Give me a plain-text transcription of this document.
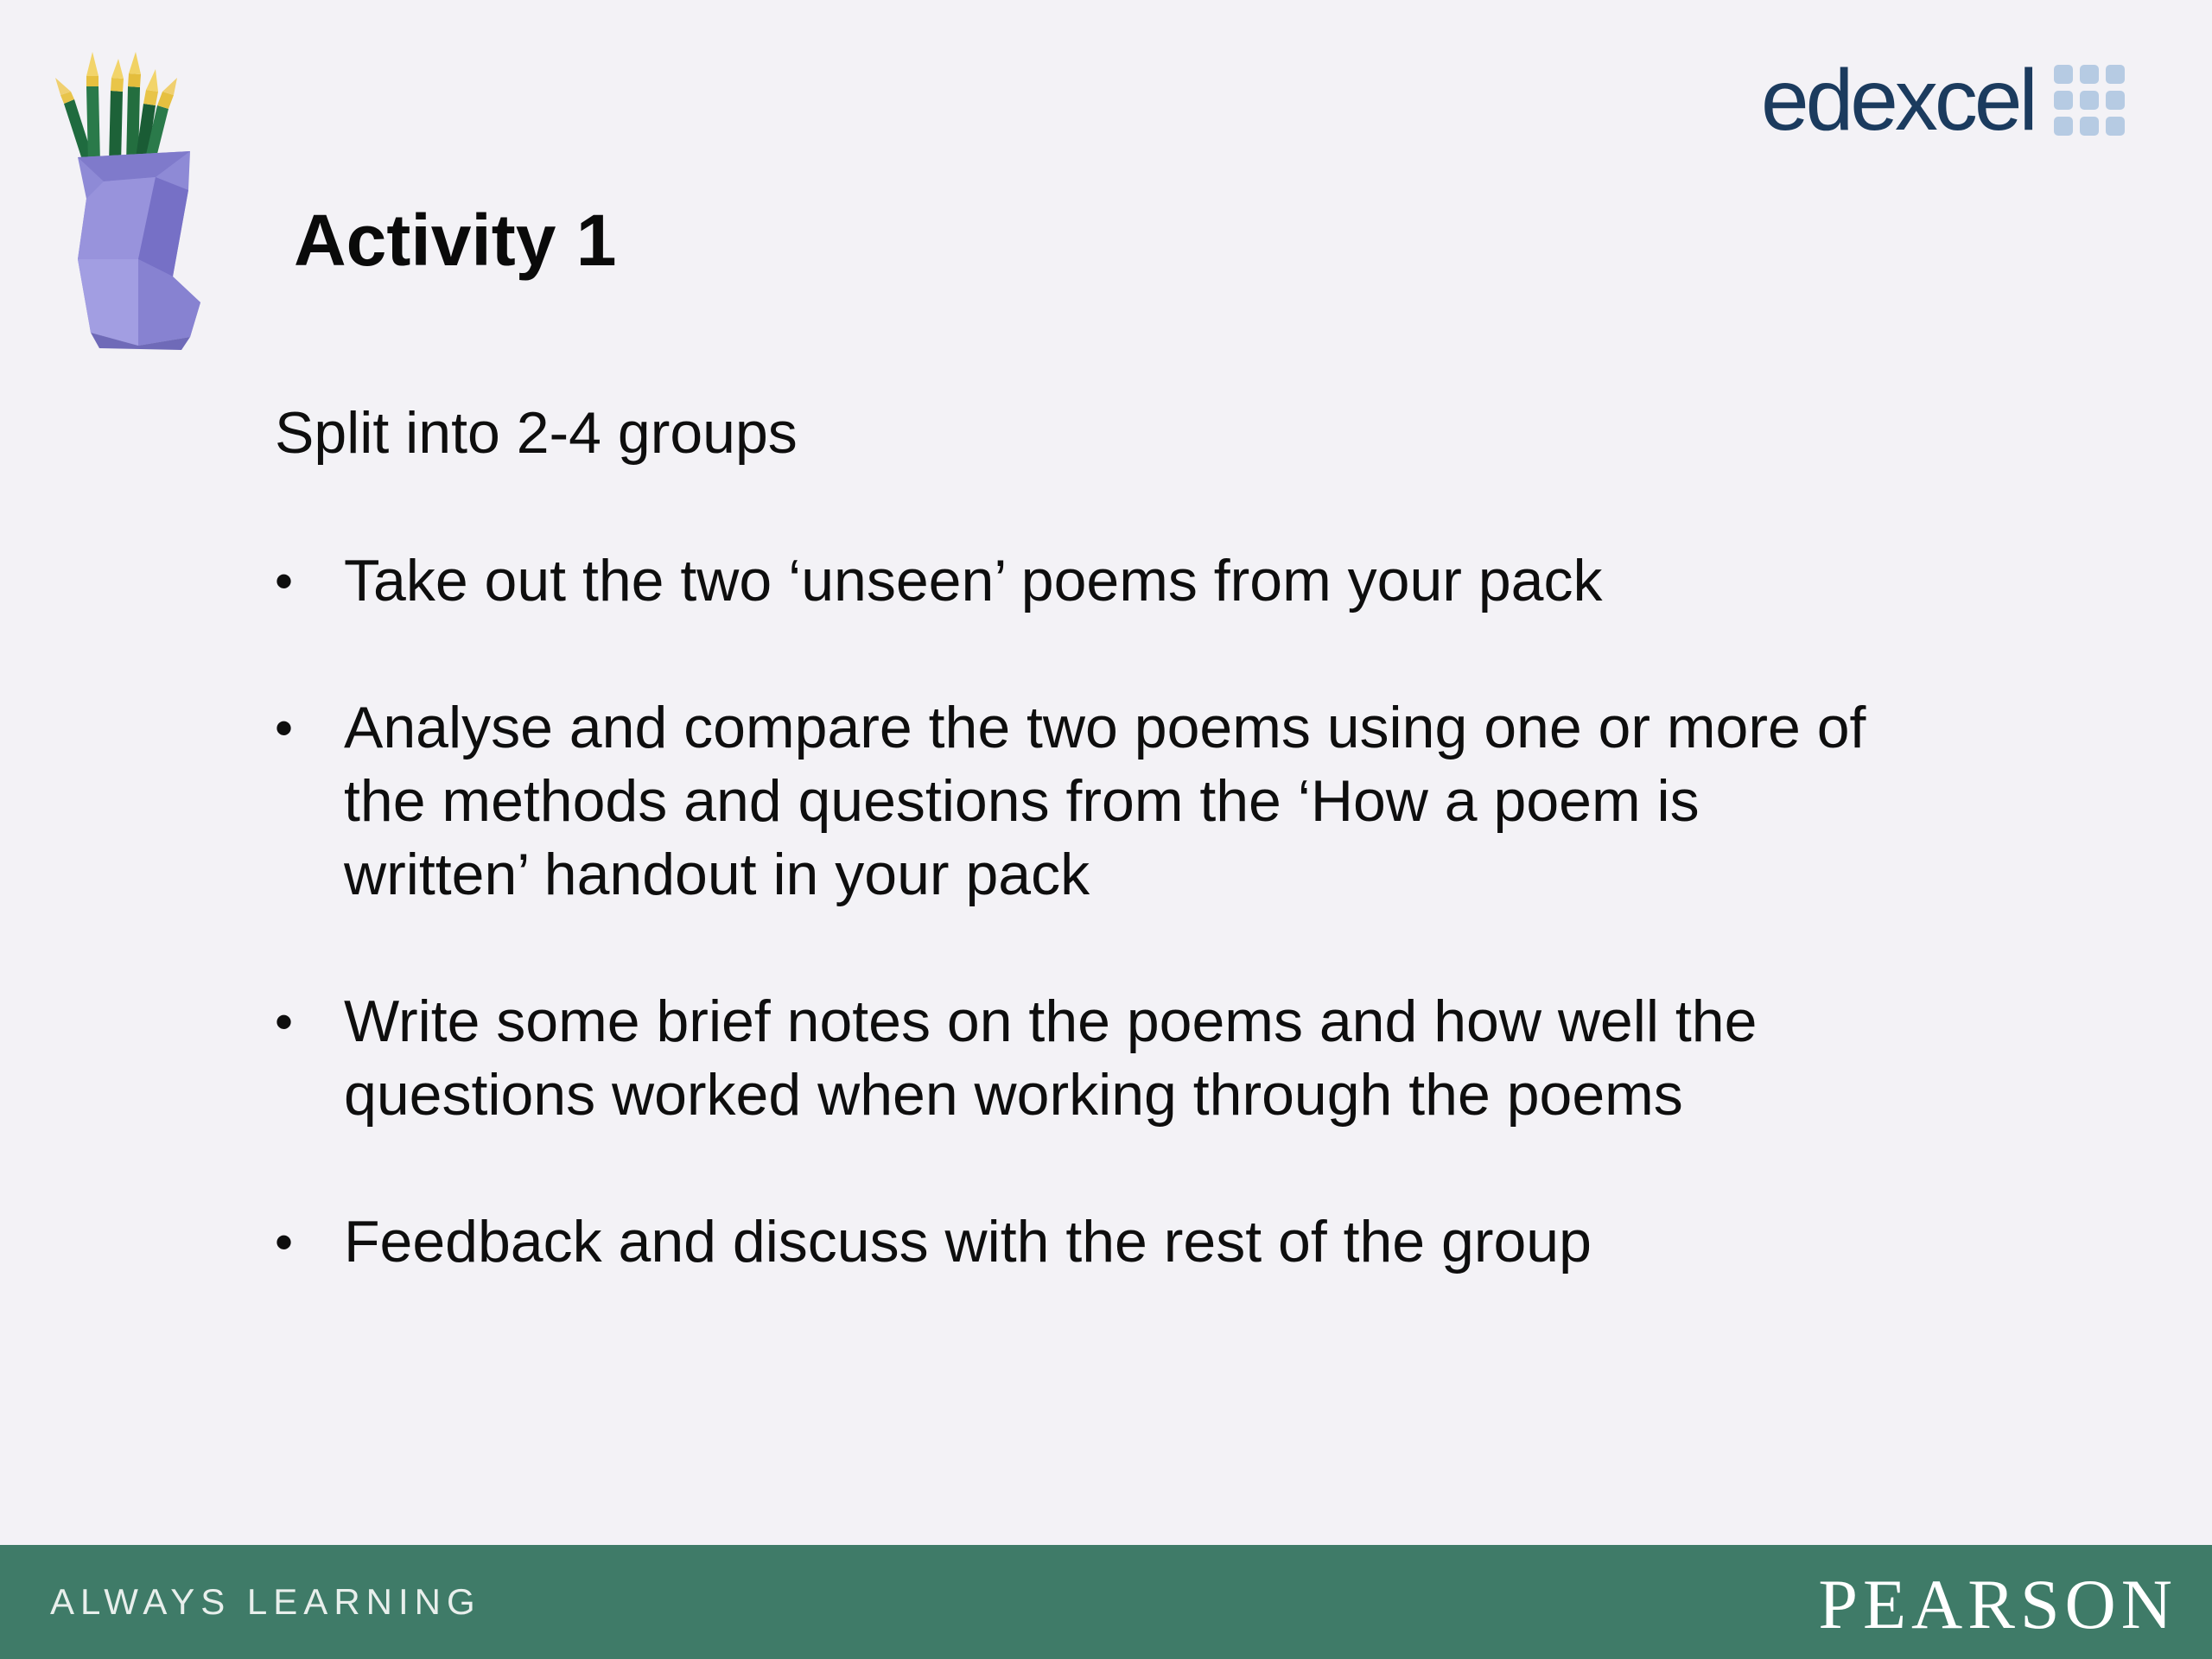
edexcel
Activity 1

Split into 2-4 groups

• Take out the two ‘unseen’ poems from your pack
• Analyse and compare the two poems using one or more of
the methods and questions from the ‘How a poem is
written’ handout in your pack
• Write some brief notes on the poems and how well the
questions worked when working through the poems
• Feedback and discuss with the rest of the group

ALWAYS LEARNING	PEARSON
